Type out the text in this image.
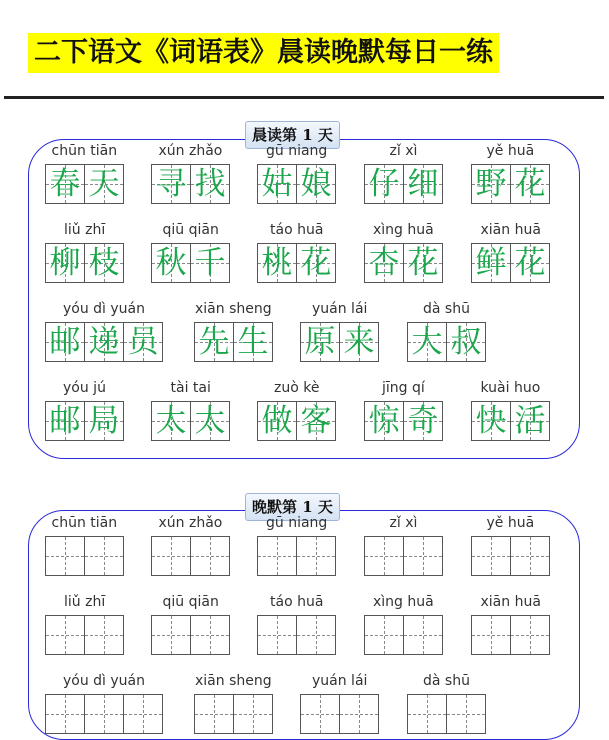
二下语文《词语表》晨读晚默每日一练
晨读第 1 天
晚默第 1 天
chūn tiān
春 天
xún zhǎo
寻 找
gū niang
姑 娘
zǐ xì
仔 细
yě huā
野 花
liǔ zhī
柳 枝
qiū qiān
秋 千
táo huā
桃 花
xìng huā
杏 花
xiān huā
鲜 花
yóu dì yuán
邮 递 员
xiān sheng
先 生
yuán lái
原 来
dà shū
大 叔
yóu jú
邮 局
tài tai
太 太
zuò kè
做 客
jīng qí
惊 奇
kuài huo
快 活
chūn tiān	xún zhǎo	gū niang	zǐ xì	yě huā
liǔ zhī	qiū qiān	táo huā	xìng huā	xiān huā
yóu dì yuán	xiān sheng	yuán lái	dà shū
